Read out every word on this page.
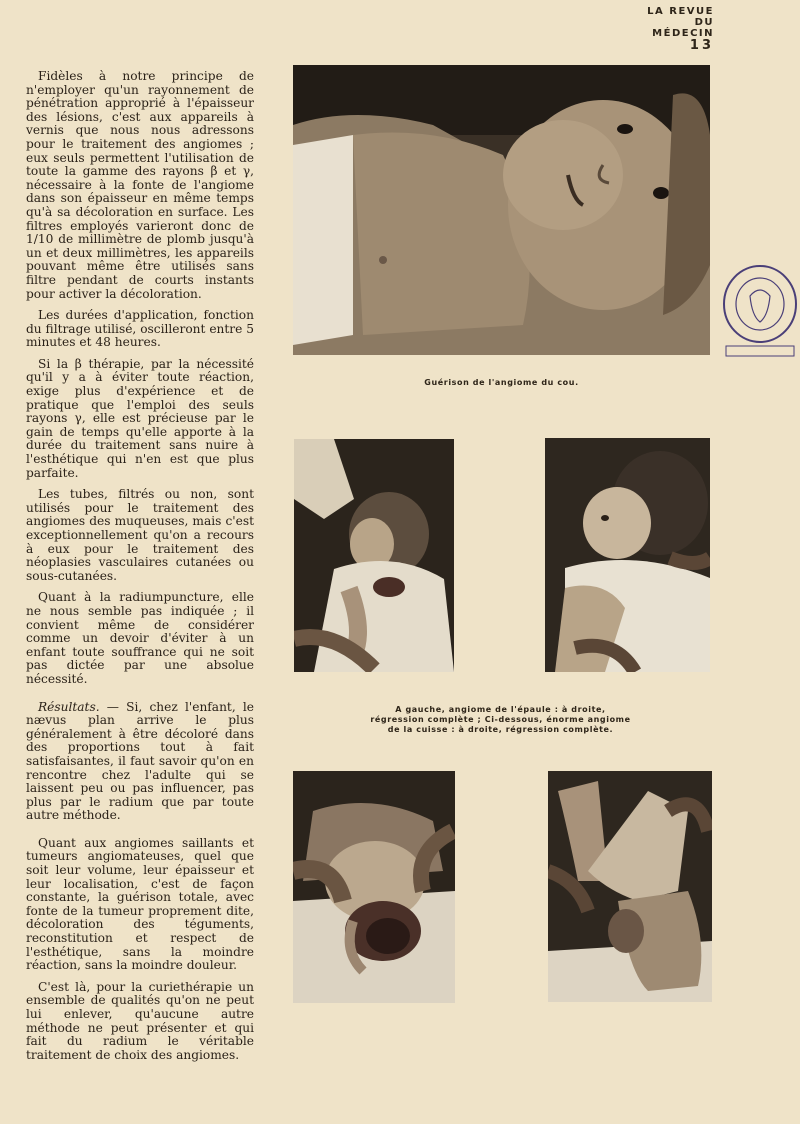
LA REVUE
DU
MÉDECIN
13

Fidèles à notre principe de n'employer qu'un rayonnement de pénétration approprié à l'épaisseur des lésions, c'est aux appareils à vernis que nous nous adressons pour le traitement des angiomes ; eux seuls permettent l'utilisation de toute la gamme des rayons β et γ, nécessaire à la fonte de l'angiome dans son épaisseur en même temps qu'à sa décoloration en surface. Les filtres employés varieront donc de 1/10 de millimètre de plomb jusqu'à un et deux millimètres, les appareils pouvant même être utilisés sans filtre pendant de courts instants pour activer la décoloration.

Les durées d'application, fonction du filtrage utilisé, oscilleront entre 5 minutes et 48 heures.

Si la β thérapie, par la nécessité qu'il y a à éviter toute réaction, exige plus d'expérience et de pratique que l'emploi des seuls rayons γ, elle est précieuse par le gain de temps qu'elle apporte à la durée du traitement sans nuire à l'esthétique qui n'en est que plus parfaite.

Les tubes, filtrés ou non, sont utilisés pour le traitement des angiomes des muqueuses, mais c'est exceptionnellement qu'on a recours à eux pour le traitement des néoplasies vasculaires cutanées ou sous-cutanées.

Quant à la radiumpuncture, elle ne nous semble pas indiquée ; il convient même de considérer comme un devoir d'éviter à un enfant toute souffrance qui ne soit pas dictée par une absolue nécessité.

Résultats. — Si, chez l'enfant, le nævus plan arrive le plus généralement à être décoloré dans des proportions tout à fait satisfaisantes, il faut savoir qu'on en rencontre chez l'adulte qui se laissent peu ou pas influencer, pas plus par le radium que par toute autre méthode.

Quant aux angiomes saillants et tumeurs angiomateuses, quel que soit leur volume, leur épaisseur et leur localisation, c'est de façon constante, la guérison totale, avec fonte de la tumeur proprement dite, décoloration des téguments, reconstitution et respect de l'esthétique, sans la moindre réaction, sans la moindre douleur.

C'est là, pour la curiethérapie un ensemble de qualités qu'on ne peut lui enlever, qu'aucune autre méthode ne peut présenter et qui fait du radium le véritable traitement de choix des angiomes.

Guérison de l'angiome du cou.
A gauche, angiome de l'épaule : à droite, régression complète ; Ci-dessous, énorme angiome de la cuisse : à droite, régression complète.
